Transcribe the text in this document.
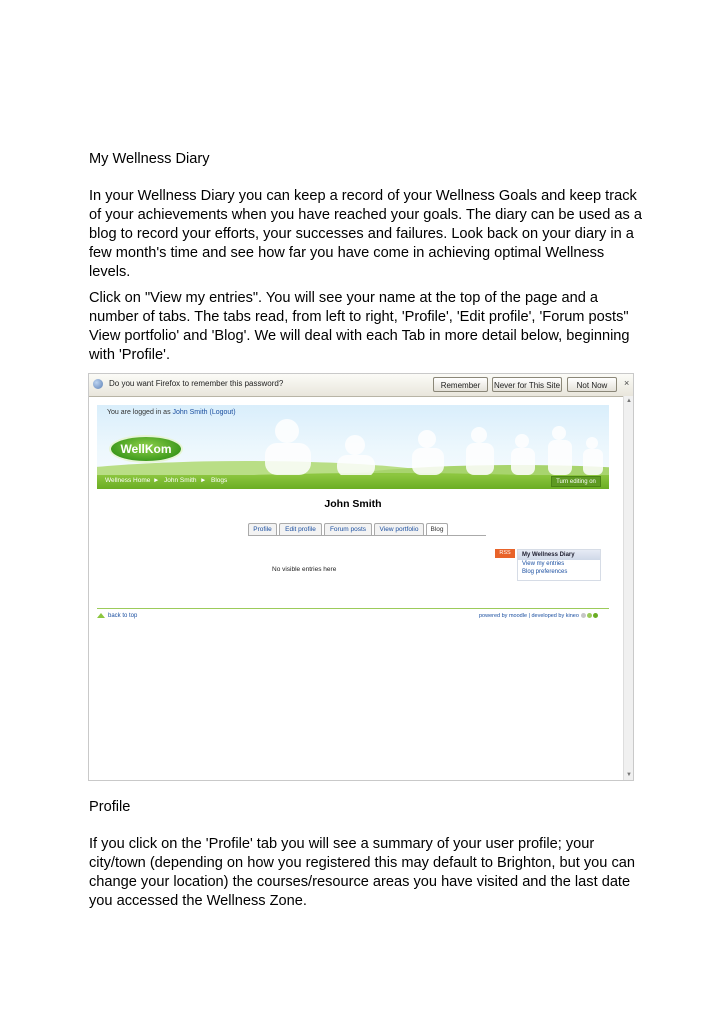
My Wellness Diary

In your Wellness Diary you can keep a record of your Wellness Goals and keep track of your achievements when you have reached your goals. The diary can be used as a blog to record your efforts, your successes and failures. Look back on your diary in a few month's time and see how far you have come in achieving optimal Wellness levels.

Click on "View my entries". You will see your name at the top of the page and a number of tabs. The tabs read, from left to right, 'Profile', 'Edit profile', 'Forum posts" View portfolio' and 'Blog'. We will deal with each Tab in more detail below, beginning with 'Profile'.

Do you want Firefox to remember this password?	Remember	Never for This Site	Not Now	×
You are logged in as John Smith (Logout)
WellKom
Wellness Home ► John Smith ► Blogs	Turn editing on
John Smith
Profile	Edit profile	Forum posts	View portfolio	Blog
No visible entries here
RSS	My Wellness Diary
View my entries
Blog preferences
back to top	powered by moodle | developed by kineo
▲
▼
Profile

If you click on the 'Profile' tab you will see a summary of your user profile; your city/town (depending on how you registered this may default to Brighton, but you can change your location) the courses/resource areas you have visited and the last date you accessed the Wellness Zone.
